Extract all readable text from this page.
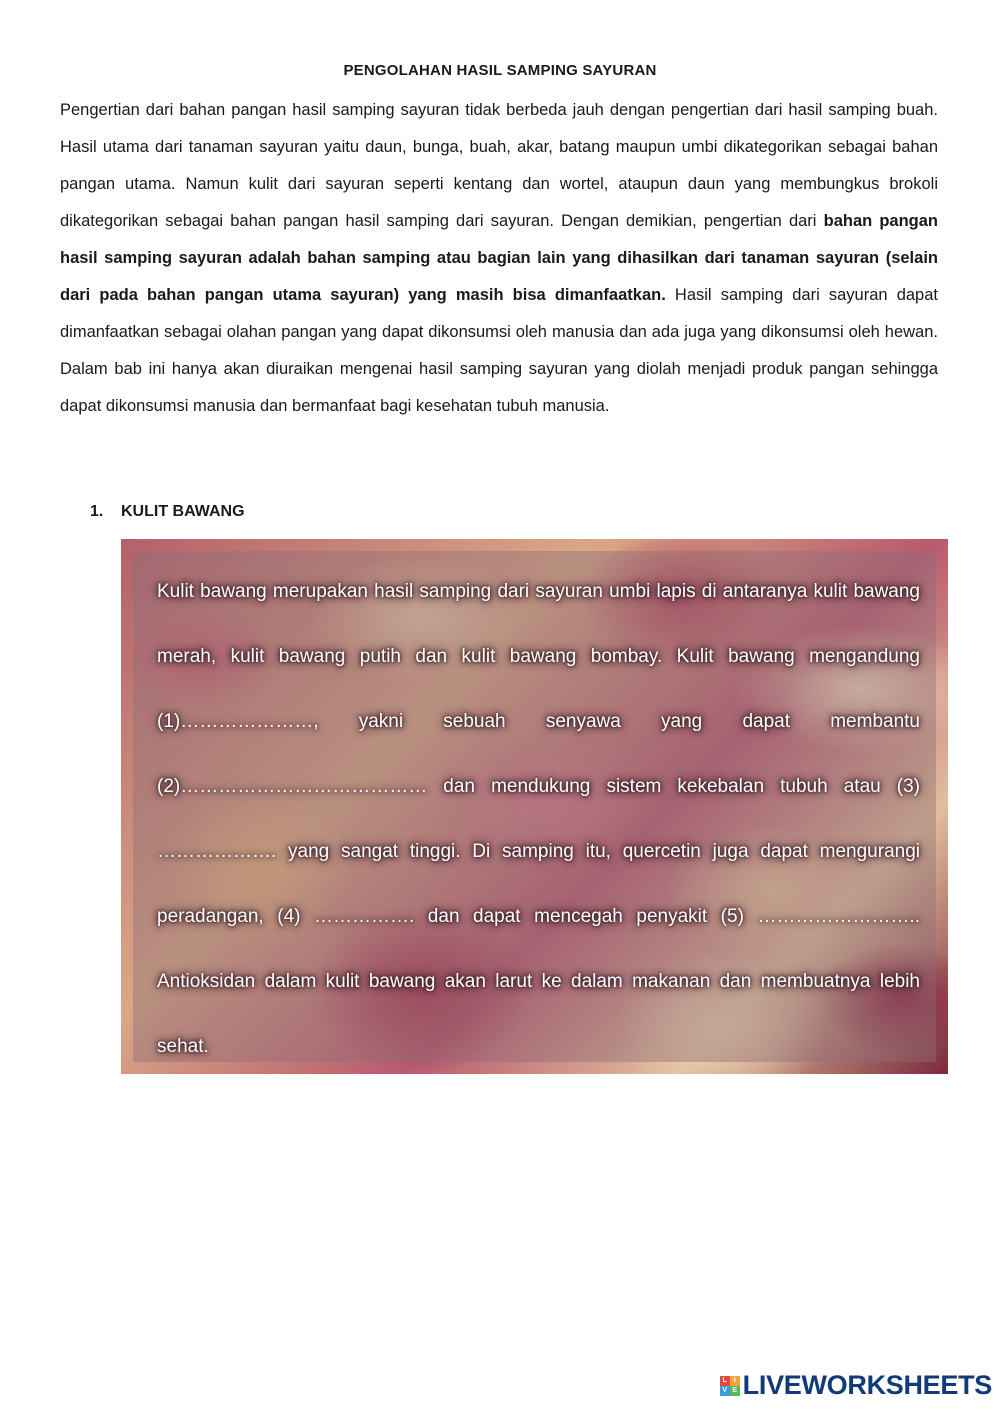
PENGOLAHAN HASIL SAMPING SAYURAN

Pengertian dari bahan pangan hasil samping sayuran tidak berbeda jauh dengan pengertian dari hasil samping buah. Hasil utama dari tanaman sayuran yaitu daun, bunga, buah, akar, batang maupun umbi dikategorikan sebagai bahan pangan utama. Namun kulit dari sayuran seperti kentang dan wortel, ataupun daun yang membungkus brokoli dikategorikan sebagai bahan pangan hasil samping dari sayuran. Dengan demikian, pengertian dari bahan pangan hasil samping sayuran adalah bahan samping atau bagian lain yang dihasilkan dari tanaman sayuran (selain dari pada bahan pangan utama sayuran) yang masih bisa dimanfaatkan. Hasil samping dari sayuran dapat dimanfaatkan sebagai olahan pangan yang dapat dikonsumsi oleh manusia dan ada juga yang dikonsumsi oleh hewan. Dalam bab ini hanya akan diuraikan mengenai hasil samping sayuran yang diolah menjadi produk pangan sehingga dapat dikonsumsi manusia dan bermanfaat bagi kesehatan tubuh manusia.

1. KULIT BAWANG

Kulit bawang merupakan hasil samping dari sayuran umbi lapis di antaranya kulit bawang merah, kulit bawang putih dan kulit bawang bombay. Kulit bawang mengandung (1)…………………, yakni sebuah senyawa yang dapat membantu (2)………………………………… dan mendukung sistem kekebalan tubuh atau (3) ………………. yang sangat tinggi. Di samping itu, quercetin juga dapat mengurangi peradangan, (4) ……………. dan dapat mencegah penyakit (5) …………………….. Antioksidan dalam kulit bawang akan larut ke dalam makanan dan membuatnya lebih sehat.

L I
V E LIVEWORKSHEETS
